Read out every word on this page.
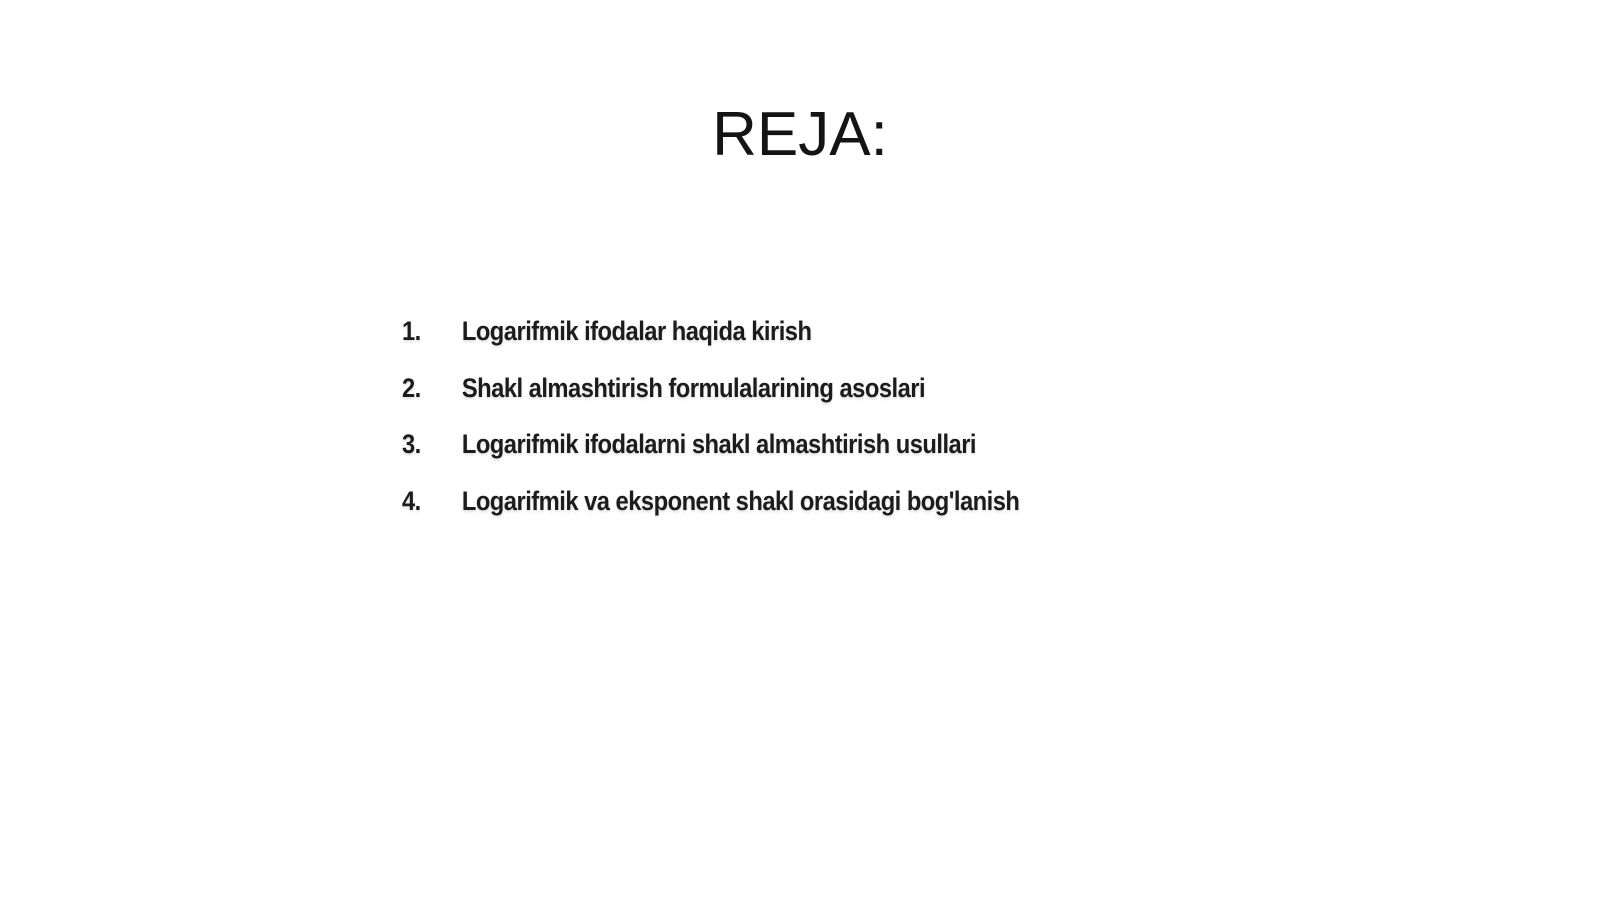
REJA:
1.	Logarifmik ifodalar haqida kirish
2.	Shakl almashtirish formulalarining asoslari
3.	Logarifmik ifodalarni shakl almashtirish usullari
4.	Logarifmik va eksponent shakl orasidagi bog'lanish
